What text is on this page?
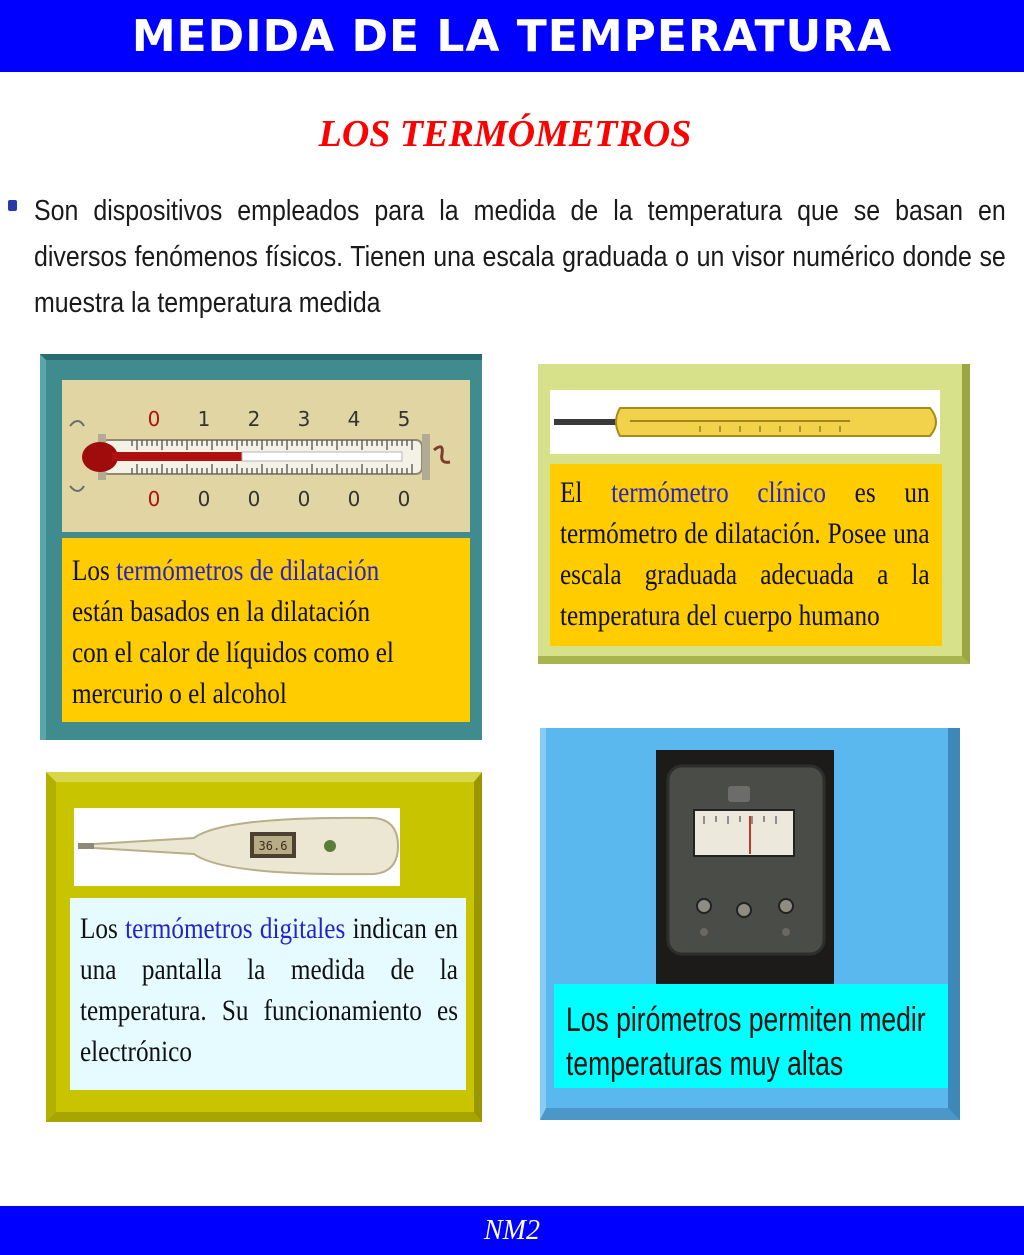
MEDIDA DE LA TEMPERATURA
LOS TERMÓMETROS
Son dispositivos empleados para la medida de la temperatura que se basan en diversos fenómenos físicos. Tienen una escala graduada o un visor numérico donde se muestra la temperatura medida
0 1 2 3 4 5
0 0 0 0 0 0
Los termómetros de dilatación están basados en la dilatación con el calor de líquidos como el mercurio o el alcohol
El termómetro clínico es un termómetro de dilatación. Posee una escala graduada adecuada a la temperatura del cuerpo humano
36.6
Los termómetros digitales indican en una pantalla la medida de la temperatura. Su funcionamiento es electrónico
Los pirómetros permiten medir temperaturas muy altas
NM2
